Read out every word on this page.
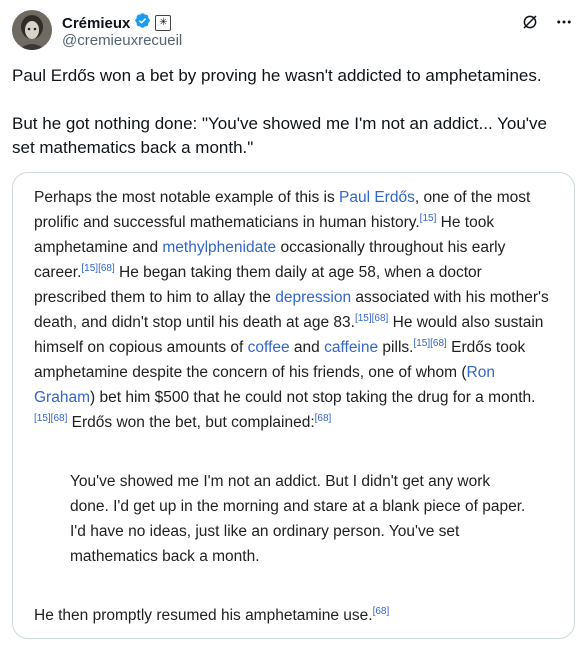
Crémieux	✳
@cremieuxrecueil
Paul Erdős won a bet by proving he wasn't addicted to amphetamines.

But he got nothing done: "You've showed me I'm not an addict... You've set mathematics back a month."
Perhaps the most notable example of this is Paul Erdős, one of the most prolific and successful mathematicians in human history.[15] He took amphetamine and methylphenidate occasionally throughout his early career.[15][68] He began taking them daily at age 58, when a doctor prescribed them to him to allay the depression associated with his mother's death, and didn't stop until his death at age 83.[15][68] He would also sustain himself on copious amounts of coffee and caffeine pills.[15][68] Erdős took amphetamine despite the concern of his friends, one of whom (Ron Graham) bet him $500 that he could not stop taking the drug for a month.
[15][68] Erdős won the bet, but complained:[68]
You've showed me I'm not an addict. But I didn't get any work done. I'd get up in the morning and stare at a blank piece of paper. I'd have no ideas, just like an ordinary person. You've set mathematics back a month.
He then promptly resumed his amphetamine use.[68]
